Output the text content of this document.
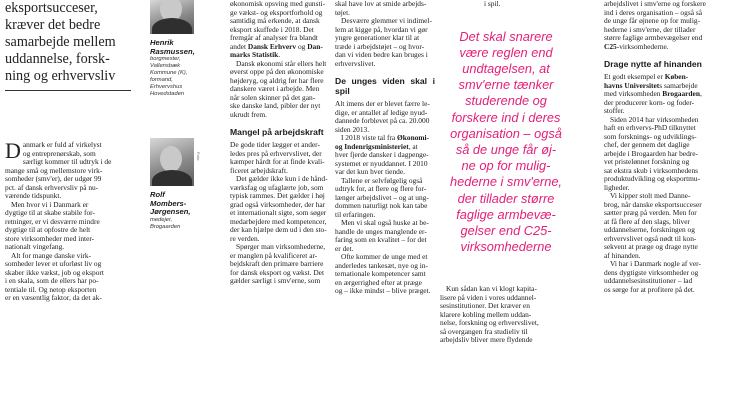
eksportsuccеser,
kræver det bedre
samarbejde mellem
uddannelse, forsk-
ning og erhvervsliv

Danmark er fuld af virkelyst
og entreprenørskab, som
særligt kommer til udtryk i de
mange små og mellemstore virk-
somheder (smv'er), der udgør 99
pct. af dansk erhvervsliv på nu-
værende tidspunkt.

Men hvor vi i Danmark er
dygtige til at skabe stabile for-
retninger, er vi desværre mindre
dygtige til at opfostre de helt
store virksomheder med inter-
nationalt vingefang.

Alt for mange danske virk-
somheder lever et uforløst liv og
skaber ikke vækst, job og eksport
i en skala, som de ellers har po-
tentiale til. Og netop eksporten
er en væsentlig faktor, da det ak-

Henrik
Rasmussen,
borgmester,
Vallensbæk
Kommune (K),
formand,
Erhvervshus
Hovedstaden
Foto:
Rolf
Mombers-
Jørgensen,
medejer,
Brogaarden

økonomisk opsving med gunsti-
ge vækst- og eksportforhold og
samtidig må erkende, at dansk
eksport skuffede i 2018. Det
fremgår af analyser fra blandt
andet Dansk Erhverv og Dan-
marks Statistik.

Dansk økonomi står ellers helt
øverst oppe på den økonomiske
højderyg, og aldrig før har flere
danskere været i arbejde. Men
når solen skinner på det gan-
ske danske land, pibler der nyt
ukrudt frem.

Mangel på arbejdskraft

De gode tider lægger et ander-
ledes pres på erhvervslivet, der
kæmper hårdt for at finde kvali-
ficeret arbejdskraft.

Det gælder ikke kun i de hånd-
værksfag og ufaglærte job, som
typisk rammes. Det gælder i høj
grad også virksomheder, der har
et internationalt sigte, som søger
medarbejdere med kompetencer,
der kan hjælpe dem ud i den sto-
re verden.

Spørger man virksomhederne,
er manglen på kvalificeret ar-
bejdskraft den primære barriere
for dansk eksport og vækst. Det
gælder særligt i smv'erne, som

skal have lov at smide arbejds-
tøjet.

Desværre glemmer vi indimel-
lem at kigge på, hvordan vi gør
yngre generationer klar til at
træde i arbejdstøjet – og hvor-
dan vi viden bedre kan bruges i
erhvervslivet.

De unges viden skal i spil

Alt imens der er blevet færre le-
dige, er antallet af ledige nyud-
dannede forblevet på ca. 20.000
siden 2013.

I 2018 viste tal fra Økonomi-
og Indenrigsministeriet, at
hver fjerde dansker i dagpenge-
systemet er nyuddannet. I 2010
var det kun hver tiende.

Tallene er selvfølgelig også
udtryk for, at flere og flere for-
længer arbejdslivet – og at ung-
dommen naturligt nok kan tabe
til erfaringen.

Men vi skal også huske at be-
handle de unges manglende er-
faring som en kvalitet – for det
er det.

Ofte kommer de unge med et
anderledes tankesæt, nye og in-
ternationale kompetencer samt
en ærgerrighed efter at præge
og – ikke mindst – blive præget.

i spil.
Det skal snarere
være reglen end
undtagelsen, at
smv'erne tænker
studerende og
forskere ind i deres
organisation – også
så de unge får øj-
ne op for mulig-
hederne i smv'erne,
der tillader større
faglige armbevæ-
gelser end C25-
virksomhederne

Kun sådan kan vi klogt kapita-
lisere på viden i vores uddannel-
sesinstitutioner. Det kræver en
klarere kobling mellem uddan-
nelse, forskning og erhvervslivet,
så overgangen fra studieliv til
arbejdsliv bliver mere flydende

arbejdslivet i smv'erne og forskere
ind i deres organisation – også så
de unge får øjnene op for mulig-
hederne i smv'erne, der tillader
større faglige armbevægelser end
C25-virksomhederne.

Drage nytte af hinanden

Et godt eksempel er Køben-
havns Universitets samarbejde
med virksomheden Brogaarden,
der producerer korn- og foder-
stoffer.

Siden 2014 har virksomheden
haft en erhvervs-PhD tilknyttet
som forsknings- og udviklings-
chef, der gennem det daglige
arbejde i Brogaarden har bedre-
vet pristelønnet forskning og
sat ekstra skub i virksomhedens
produktudvikling og eksportmu-
ligheder.

Vi kipper stolt med Danne-
brog, når danske eksportsucceser
sætter præg på verden. Men for
at få flere af den slags, bliver
uddannelserne, forskningen og
erhvervslivet også nødt til kon-
sekvent at præge og drage nytte
af hinanden.

Vi har i Danmark nogle af ver-
dens dygtigste virksomheder og
uddannelsesinstitutioner – lad
os sørge for at profitere på det.
